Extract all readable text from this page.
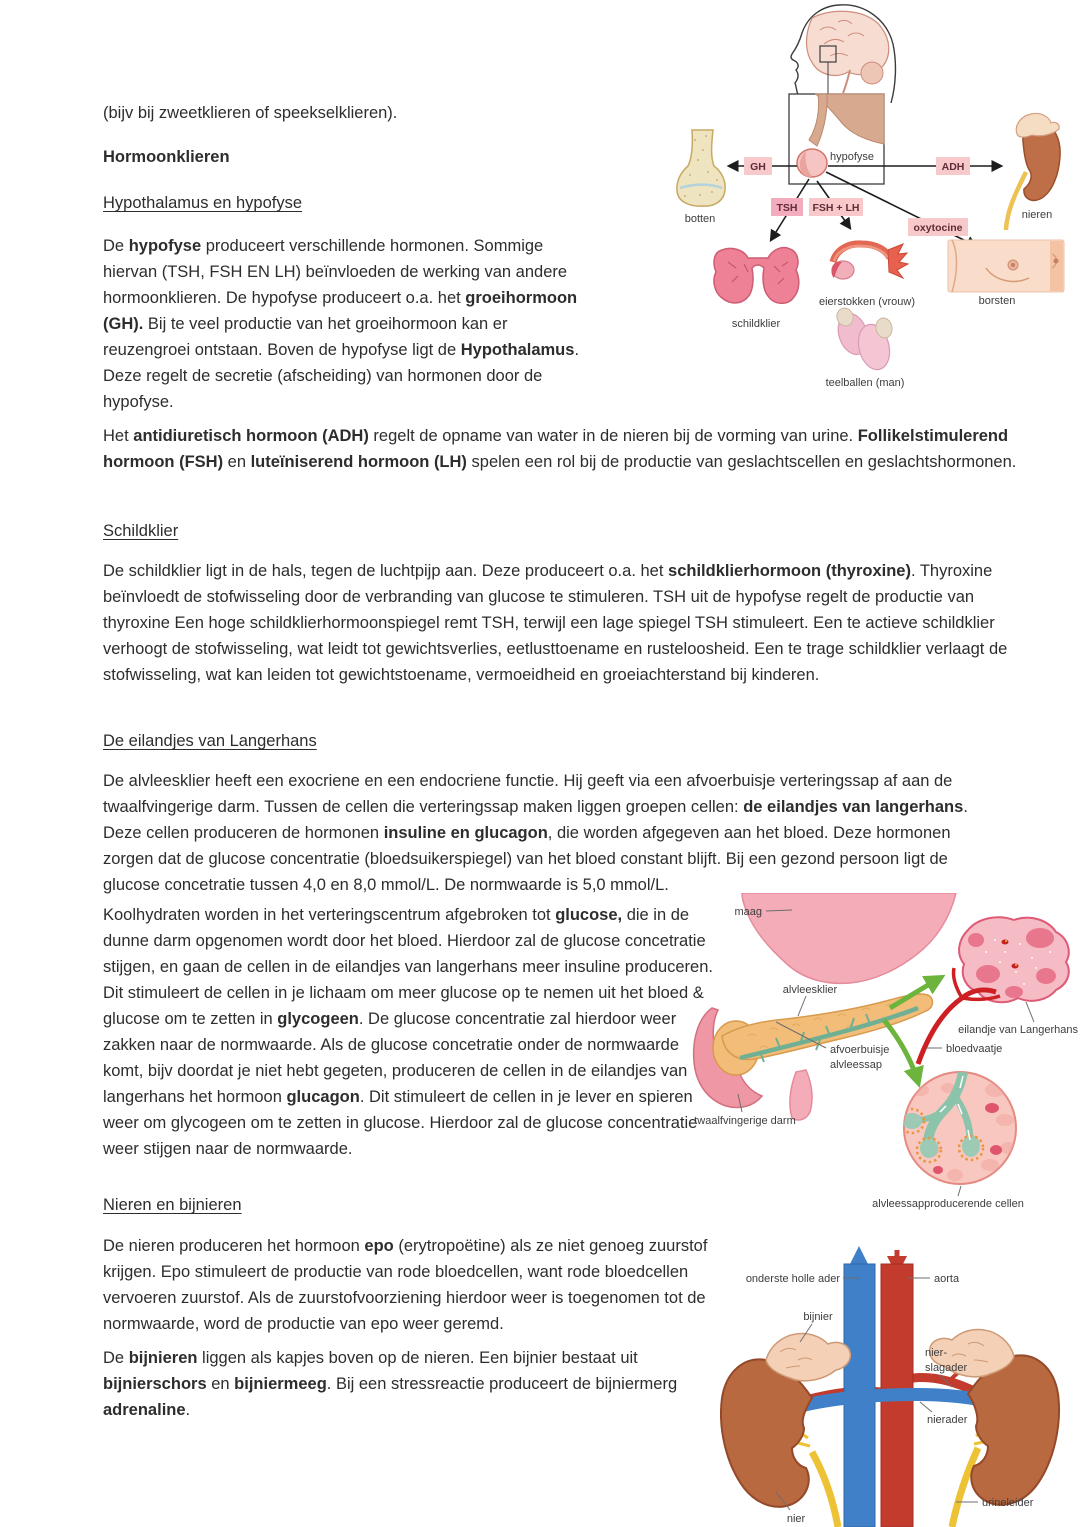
(bijv bij zweetklieren of speekselklieren).

Hormoonklieren

Hypothalamus en hypofyse

De hypofyse produceert verschillende hormonen. Sommige hiervan (TSH, FSH EN LH) beïnvloeden de werking van andere hormoonklieren. De hypofyse produceert o.a. het groeihormoon (GH). Bij te veel productie van het groeihormoon kan er reuzengroei ontstaan. Boven de hypofyse ligt de Hypothalamus. Deze regelt de secretie (afscheiding) van hormonen door de hypofyse.

Het antidiuretisch hormoon (ADH) regelt de opname van water in de nieren bij de vorming van urine. Follikelstimulerend hormoon (FSH) en luteïniserend hormoon (LH) spelen een rol bij de productie van geslachtscellen en geslachtshormonen.

Schildklier

De schildklier ligt in de hals, tegen de luchtpijp aan. Deze produceert o.a. het schildklierhormoon (thyroxine). Thyroxine beïnvloedt de stofwisseling door de verbranding van glucose te stimuleren. TSH uit de hypofyse regelt de productie van thyroxine Een hoge schildklierhormoonspiegel remt TSH, terwijl een lage spiegel TSH stimuleert. Een te actieve schildklier verhoogt de stofwisseling, wat leidt tot gewichtsverlies, eetlusttoename en rusteloosheid. Een te trage schildklier verlaagt de stofwisseling, wat kan leiden tot gewichtstoename, vermoeidheid en groeiachterstand bij kinderen.

De eilandjes van Langerhans

De alvleesklier heeft een exocriene en een endocriene functie. Hij geeft via een afvoerbuisje verteringssap af aan de twaalfvingerige darm. Tussen de cellen die verteringssap maken liggen groepen cellen: de eilandjes van langerhans. Deze cellen produceren de hormonen insuline en glucagon, die worden afgegeven aan het bloed. Deze hormonen zorgen dat de glucose concentratie (bloedsuikerspiegel) van het bloed constant blijft. Bij een gezond persoon ligt de glucose concetratie tussen 4,0 en 8,0 mmol/L. De normwaarde is 5,0 mmol/L.

Koolhydraten worden in het verteringscentrum afgebroken tot glucose, die in de dunne darm opgenomen wordt door het bloed. Hierdoor zal de glucose concetratie stijgen, en gaan de cellen in de eilandjes van langerhans meer insuline produceren. Dit stimuleert de cellen in je lichaam om meer glucose op te nemen uit het bloed & glucose om te zetten in glycogeen. De glucose concentratie zal hierdoor weer zakken naar de normwaarde. Als de glucose concetratie onder de normwaarde komt, bijv doordat je niet hebt gegeten, produceren de cellen in de eilandjes van langerhans het hormoon glucagon. Dit stimuleert de cellen in je lever en spieren weer om glycogeen om te zetten in glucose. Hierdoor zal de glucose concentratie weer stijgen naar de normwaarde.

Nieren en bijnieren

De nieren produceren het hormoon epo (erytropoëtine) als ze niet genoeg zuurstof krijgen. Epo stimuleert de productie van rode bloedcellen, want rode bloedcellen vervoeren zuurstof. Als de zuurstofvoorziening hierdoor weer is toegenomen tot de normwaarde, word de productie van epo weer geremd.

De bijnieren liggen als kapjes boven op de nieren. Een bijnier bestaat uit bijnierschors en bijniermeeg. Bij een stressreactie produceert de bijniermerg adrenaline.

hypofyse
GH	ADH
TSH FSH + LH
oxytocine
botten	nieren
schildklier
eierstokken (vrouw)
teelballen (man)
borsten
maag
alvleesklier
afvoerbuisje
alvleessap
twaalfvingerige darm
eilandje van Langerhans
bloedvaatje
alvleessapproducerende cellen
onderste holle ader	aorta
bijnier
nier-
slagader
nierader
nier
urineleider
